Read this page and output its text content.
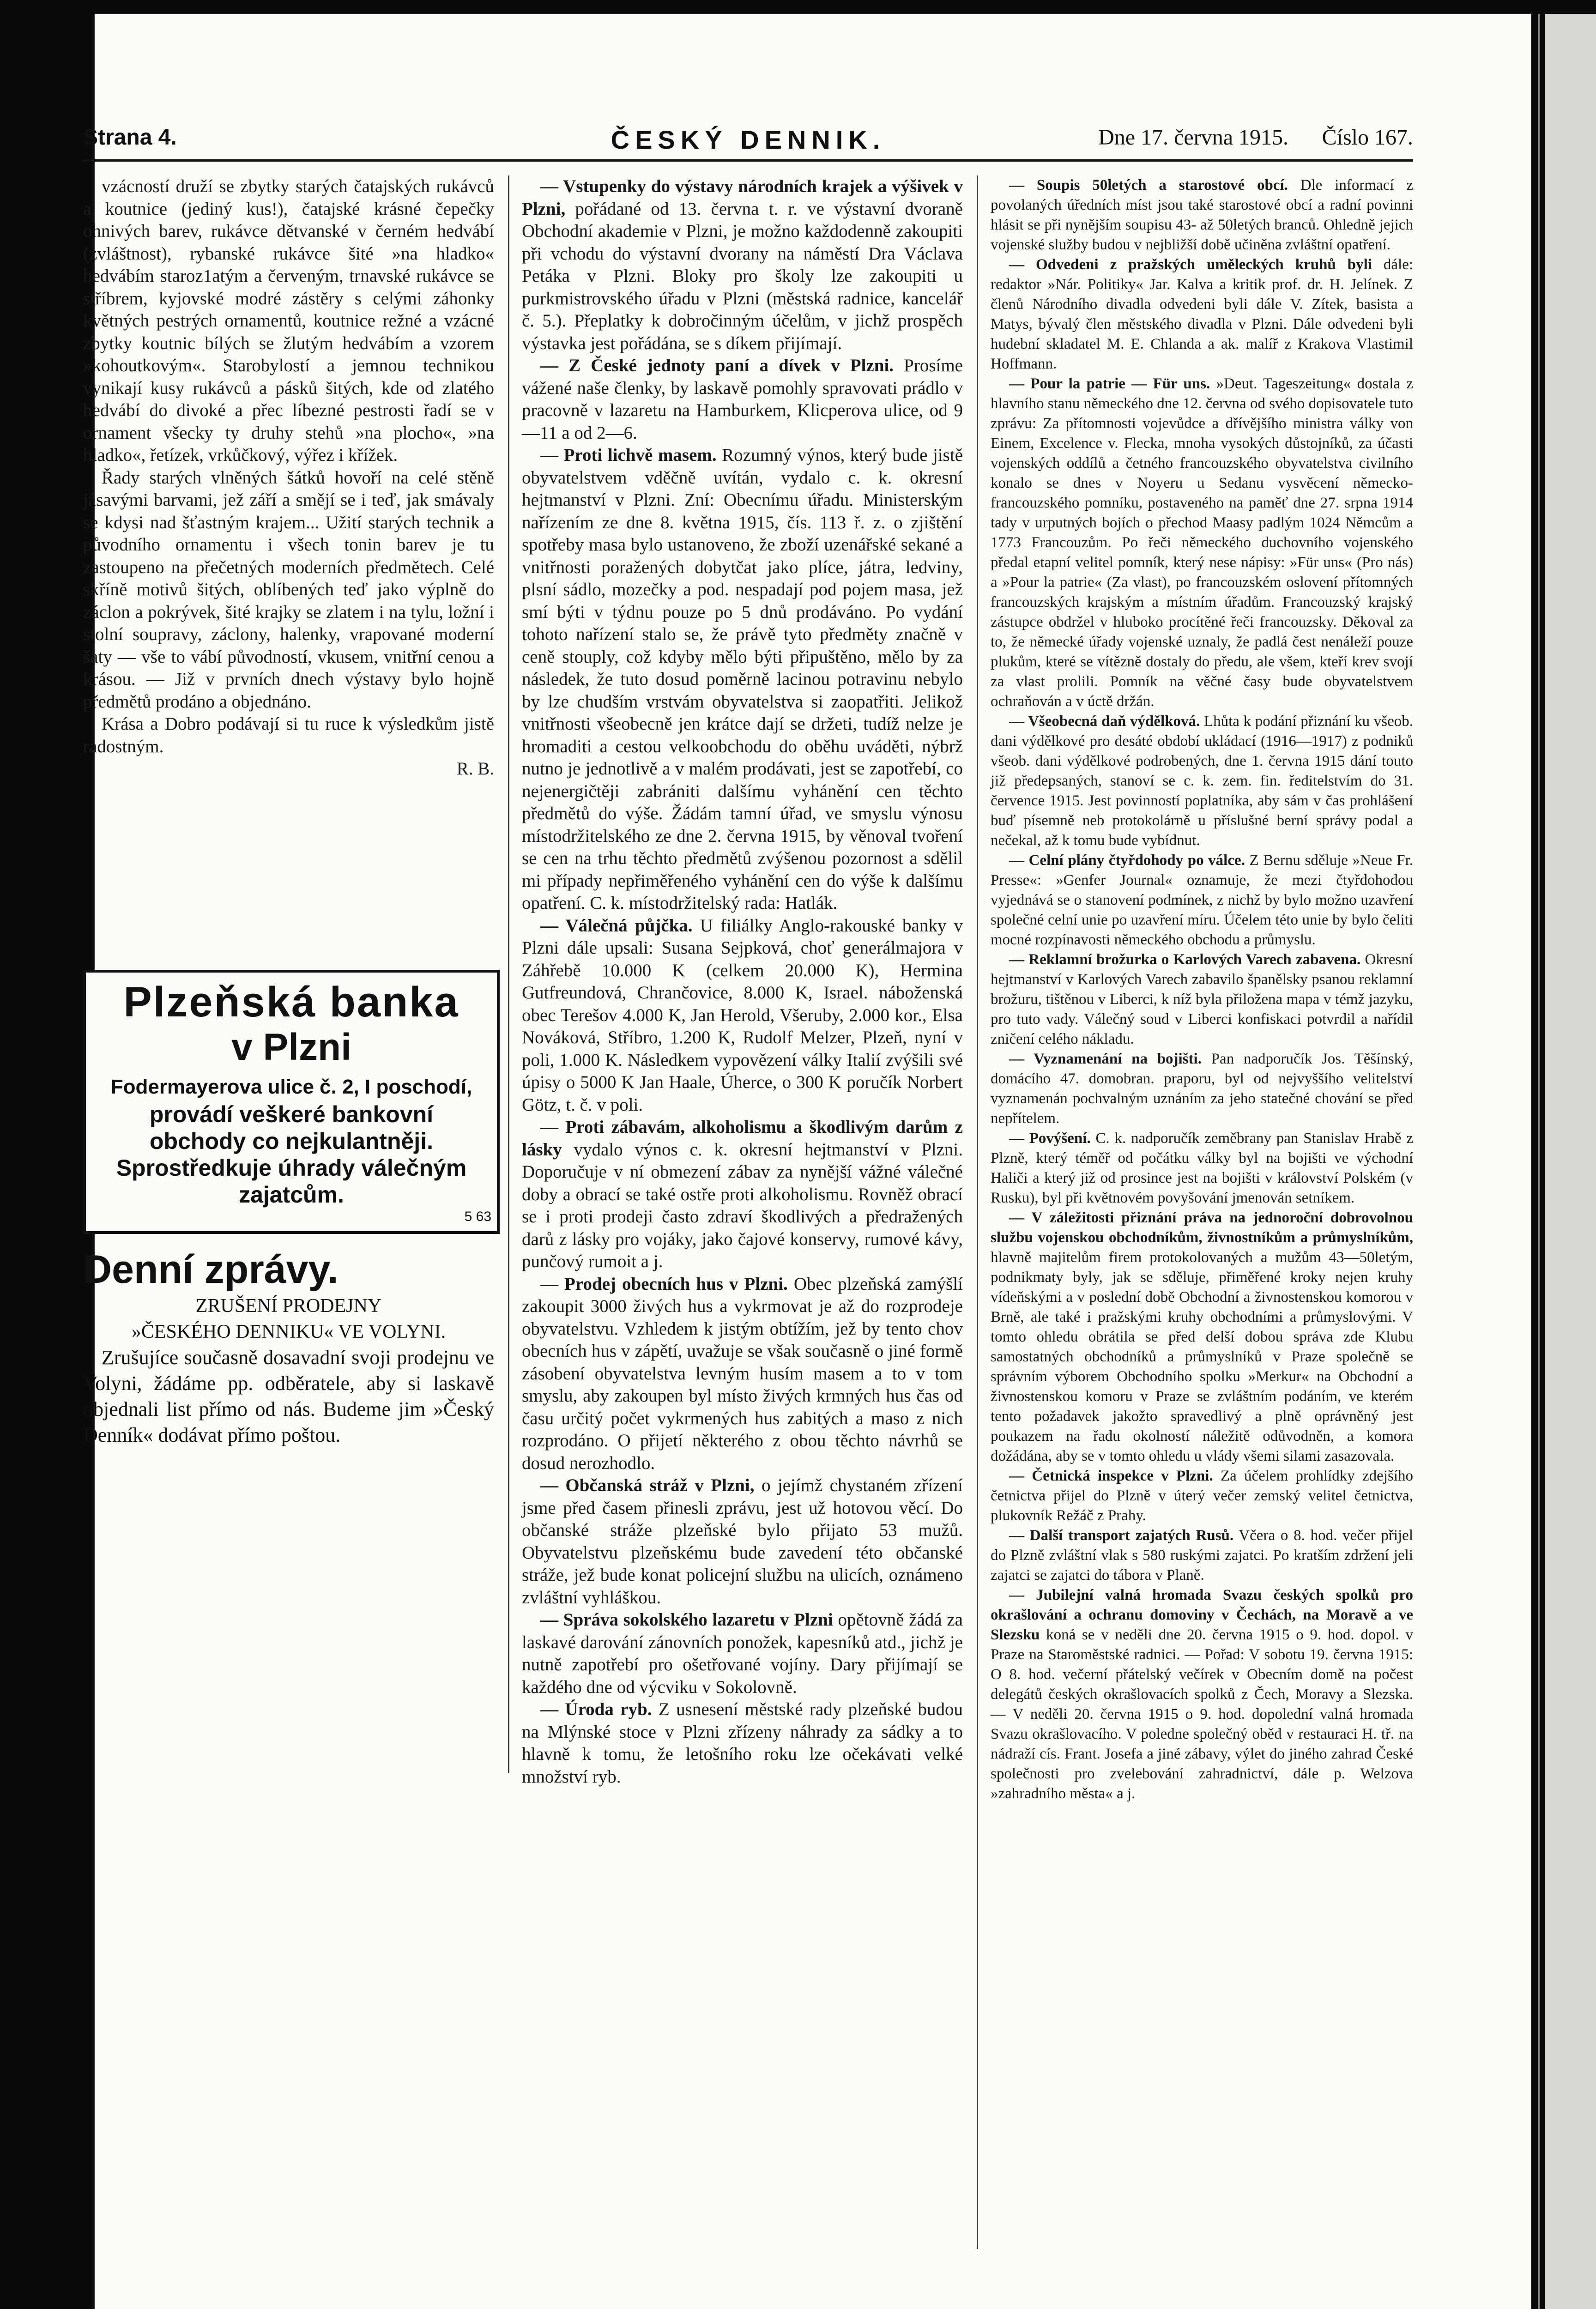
ČESKÝ DENNIK.
Strana 4.	Dne 17. června 1915. Číslo 167.

vzácností druží se zbytky starých čatajských rukávců a koutnice (jediný kus!), čatajské krásné čepečky ohnivých barev, rukávce dětvanské v černém hedvábí (zvláštnost), rybanské rukávce šité »na hladko« hedvábím staroz1atým a červeným, trnavské rukávce se stříbrem, kyjovské modré zástěry s celými záhonky květných pestrých ornamentů, koutnice režné a vzácné zbytky koutnic bílých se žlutým hedvábím a vzorem »kohoutkovým«. Starobylostí a jemnou technikou vynikají kusy rukávců a pásků šitých, kde od zlatého hedvábí do divoké a přec líbezné pestrosti řadí se v ornament všecky ty druhy stehů »na plocho«, »na hladko«, řetízek, vrkůčkový, výřez i křížek.

Řady starých vlněných šátků hovoří na celé stěně jásavými barvami, jež září a smějí se i teď, jak smávaly se kdysi nad šťastným krajem... Užití starých technik a původního ornamentu i všech tonin barev je tu zastoupeno na přečetných moderních předmětech. Celé skříně motivů šitých, oblíbených teď jako výplně do záclon a pokrývek, šité krajky se zlatem i na tylu, ložní i stolní soupravy, záclony, halenky, vrapované moderní šaty — vše to vábí původností, vkusem, vnitřní cenou a krásou. — Již v prvních dnech výstavy bylo hojně předmětů prodáno a objednáno.

Krása a Dobro podávají si tu ruce k výsledkům jistě radostným.

R. B.
Plzeňská banka
v Plzni
Fodermayerova ulice č. 2, I poschodí,
provádí veškeré bankovní
obchody co nejkulantněji.
Sprostředkuje úhrady válečným zajatcům.
5 63
Denní zprávy.
ZRUŠENÍ PRODEJNY
»ČESKÉHO DENNIKU« VE VOLYNI.

Zrušujíce současně dosavadní svoji prodejnu ve Volyni, žádáme pp. odběratele, aby si laskavě objednali list přímo od nás. Budeme jim »Český Denník« dodávat přímo poštou.

— Vstupenky do výstavy národních krajek a výšivek v Plzni, pořádané od 13. června t. r. ve výstavní dvoraně Obchodní akademie v Plzni, je možno každodenně zakoupiti při vchodu do výstavní dvorany na náměstí Dra Václava Petáka v Plzni. Bloky pro školy lze zakoupiti u purkmistrovského úřadu v Plzni (městská radnice, kancelář č. 5.). Přeplatky k dobročinným účelům, v jichž prospěch výstavka jest pořádána, se s díkem přijímají.

— Z České jednoty paní a dívek v Plzni. Prosíme vážené naše členky, by laskavě pomohly spravovati prádlo v pracovně v lazaretu na Hamburkem, Klicperova ulice, od 9—11 a od 2—6.

— Proti lichvě masem. Rozumný výnos, který bude jistě obyvatelstvem vděčně uvítán, vydalo c. k. okresní hejtmanství v Plzni. Zní: Obecnímu úřadu. Ministerským nařízením ze dne 8. května 1915, čís. 113 ř. z. o zjištění spotřeby masa bylo ustanoveno, že zboží uzenářské sekané a vnitřnosti poražených dobytčat jako plíce, játra, ledviny, plsní sádlo, mozečky a pod. nespadají pod pojem masa, jež smí býti v týdnu pouze po 5 dnů prodáváno. Po vydání tohoto nařízení stalo se, že právě tyto předměty značně v ceně stouply, což kdyby mělo býti připuštěno, mělo by za následek, že tuto dosud poměrně lacinou potravinu nebylo by lze chudším vrstvám obyvatelstva si zaopatřiti. Jelikož vnitřnosti všeobecně jen krátce dají se držeti, tudíž nelze je hromaditi a cestou velkoobchodu do oběhu uváděti, nýbrž nutno je jednotlivě a v malém prodávati, jest se zapotřebí, co nejenergičtěji zabrániti dalšímu vyhánění cen těchto předmětů do výše. Žádám tamní úřad, ve smyslu výnosu místodržitelského ze dne 2. června 1915, by věnoval tvoření se cen na trhu těchto předmětů zvýšenou pozornost a sdělil mi případy nepřiměřeného vyhánění cen do výše k dalšímu opatření. C. k. místodržitelský rada: Hatlák.

— Válečná půjčka. U filiálky Anglo-rakouské banky v Plzni dále upsali: Susana Sejpková, choť generálmajora v Záhřebě 10.000 K (celkem 20.000 K), Hermina Gutfreundová, Chrančovice, 8.000 K, Israel. náboženská obec Terešov 4.000 K, Jan Herold, Všeruby, 2.000 kor., Elsa Nováková, Stříbro, 1.200 K, Rudolf Melzer, Plzeň, nyní v poli, 1.000 K. Následkem vypovězení války Italií zvýšili své úpisy o 5000 K Jan Haale, Úherce, o 300 K poručík Norbert Götz, t. č. v poli.

— Proti zábavám, alkoholismu a škodlivým darům z lásky vydalo výnos c. k. okresní hejtmanství v Plzni. Doporučuje v ní obmezení zábav za nynější vážné válečné doby a obrací se také ostře proti alkoholismu. Rovněž obrací se i proti prodeji často zdraví škodlivých a předražených darů z lásky pro vojáky, jako čajové konservy, rumové kávy, punčový rumoit a j.

— Prodej obecních hus v Plzni. Obec plzeňská zamýšlí zakoupit 3000 živých hus a vykrmovat je až do rozprodeje obyvatelstvu. Vzhledem k jistým obtížím, jež by tento chov obecních hus v zápětí, uvažuje se však současně o jiné formě zásobení obyvatelstva levným husím masem a to v tom smyslu, aby zakoupen byl místo živých krmných hus čas od času určitý počet vykrmených hus zabitých a maso z nich rozprodáno. O přijetí některého z obou těchto návrhů se dosud nerozhodlo.

— Občanská stráž v Plzni, o jejímž chystaném zřízení jsme před časem přinesli zprávu, jest už hotovou věcí. Do občanské stráže plzeňské bylo přijato 53 mužů. Obyvatelstvu plzeňskému bude zavedení této občanské stráže, jež bude konat policejní službu na ulicích, oznámeno zvláštní vyhláškou.

— Správa sokolského lazaretu v Plzni opětovně žádá za laskavé darování zánovních ponožek, kapesníků atd., jichž je nutně zapotřebí pro ošetřované vojíny. Dary přijímají se každého dne od výcviku v Sokolovně.

— Úroda ryb. Z usnesení městské rady plzeňské budou na Mlýnské stoce v Plzni zřízeny náhrady za sádky a to hlavně k tomu, že letošního roku lze očekávati velké množství ryb.

— Soupis 50letých a starostové obcí. Dle informací z povolaných úředních míst jsou také starostové obcí a radní povinni hlásit se při nynějším soupisu 43- až 50letých branců. Ohledně jejich vojenské služby budou v nejbližší době učiněna zvláštní opatření.

— Odvedeni z pražských uměleckých kruhů byli dále: redaktor »Nár. Politiky« Jar. Kalva a kritik prof. dr. H. Jelínek. Z členů Národního divadla odvedeni byli dále V. Zítek, basista a Matys, bývalý člen městského divadla v Plzni. Dále odvedeni byli hudební skladatel M. E. Chlanda a ak. malíř z Krakova Vlastimil Hoffmann.

— Pour la patrie — Für uns. »Deut. Tageszeitung« dostala z hlavního stanu německého dne 12. června od svého dopisovatele tuto zprávu: Za přítomnosti vojevůdce a dřívějšího ministra války von Einem, Excelence v. Flecka, mnoha vysokých důstojníků, za účasti vojenských oddílů a četného francouzského obyvatelstva civilního konalo se dnes v Noyeru u Sedanu vysvěcení německo-francouzského pomníku, postaveného na paměť dne 27. srpna 1914 tady v urputných bojích o přechod Maasy padlým 1024 Němcům a 1773 Francouzům. Po řeči německého duchovního vojenského předal etapní velitel pomník, který nese nápisy: »Für uns« (Pro nás) a »Pour la patrie« (Za vlast), po francouzském oslovení přítomných francouzských krajským a místním úřadům. Francouzský krajský zástupce obdržel v hluboko procítěné řeči francouzsky. Děkoval za to, že německé úřady vojenské uznaly, že padlá čest nenáleží pouze plukům, které se vítězně dostaly do předu, ale všem, kteří krev svojí za vlast prolili. Pomník na věčné časy bude obyvatelstvem ochraňován a v úctě držán.

— Všeobecná daň výdělková. Lhůta k podání přiznání ku všeob. dani výdělkové pro desáté období ukládací (1916—1917) z podniků všeob. dani výdělkové podrobených, dne 1. června 1915 dání touto již předepsaných, stanoví se c. k. zem. fin. ředitelstvím do 31. července 1915. Jest povinností poplatníka, aby sám v čas prohlášení buď písemně neb protokolárně u příslušné berní správy podal a nečekal, až k tomu bude vybídnut.

— Celní plány čtyřdohody po válce. Z Bernu sděluje »Neue Fr. Presse«: »Genfer Journal« oznamuje, že mezi čtyřdohodou vyjednává se o stanovení podmínek, z nichž by bylo možno uzavření společné celní unie po uzavření míru. Účelem této unie by bylo čeliti mocné rozpínavosti německého obchodu a průmyslu.

— Reklamní brožurka o Karlových Varech zabavena. Okresní hejtmanství v Karlových Varech zabavilo španělsky psanou reklamní brožuru, tištěnou v Liberci, k níž byla přiložena mapa v témž jazyku, pro tuto vady. Válečný soud v Liberci konfiskaci potvrdil a nařídil zničení celého nákladu.

— Vyznamenání na bojišti. Pan nadporučík Jos. Těšínský, domácího 47. domobran. praporu, byl od nejvyššího velitelství vyznamenán pochvalným uznáním za jeho statečné chování se před nepřítelem.

— Povýšení. C. k. nadporučík zeměbrany pan Stanislav Hrabě z Plzně, který téměř od počátku války byl na bojišti ve východní Haliči a který již od prosince jest na bojišti v království Polském (v Rusku), byl při květnovém povyšování jmenován setníkem.

— V záležitosti přiznání práva na jednoroční dobrovolnou službu vojenskou obchodníkům, živnostníkům a průmyslníkům, hlavně majitelům firem protokolovaných a mužům 43—50letým, podnikmaty byly, jak se sděluje, přiměřené kroky nejen kruhy vídeňskými a v poslední době Obchodní a živnostenskou komorou v Brně, ale také i pražskými kruhy obchodními a průmyslovými. V tomto ohledu obrátila se před delší dobou správa zde Klubu samostatných obchodníků a průmyslníků v Praze společně se správním výborem Obchodního spolku »Merkur« na Obchodní a živnostenskou komoru v Praze se zvláštním podáním, ve kterém tento požadavek jakožto spravedlivý a plně oprávněný jest poukazem na řadu okolností náležitě odůvodněn, a komora dožádána, aby se v tomto ohledu u vlády všemi silami zasazovala.

— Četnická inspekce v Plzni. Za účelem prohlídky zdejšího četnictva přijel do Plzně v úterý večer zemský velitel četnictva, plukovník Režáč z Prahy.

— Další transport zajatých Rusů. Včera o 8. hod. večer přijel do Plzně zvláštní vlak s 580 ruskými zajatci. Po kratším zdržení jeli zajatci se zajatci do tábora v Planě.

— Jubilejní valná hromada Svazu českých spolků pro okrašlování a ochranu domoviny v Čechách, na Moravě a ve Slezsku koná se v neděli dne 20. června 1915 o 9. hod. dopol. v Praze na Staroměstské radnici. — Pořad: V sobotu 19. června 1915: O 8. hod. večerní přátelský večírek v Obecním domě na počest delegátů českých okrašlovacích spolků z Čech, Moravy a Slezska. — V neděli 20. června 1915 o 9. hod. dopolední valná hromada Svazu okrašlovacího. V poledne společný oběd v restauraci H. tř. na nádraží cís. Frant. Josefa a jiné zábavy, výlet do jiného zahrad České společnosti pro zvelebování zahradnictví, dále p. Welzova »zahradního města« a j.
